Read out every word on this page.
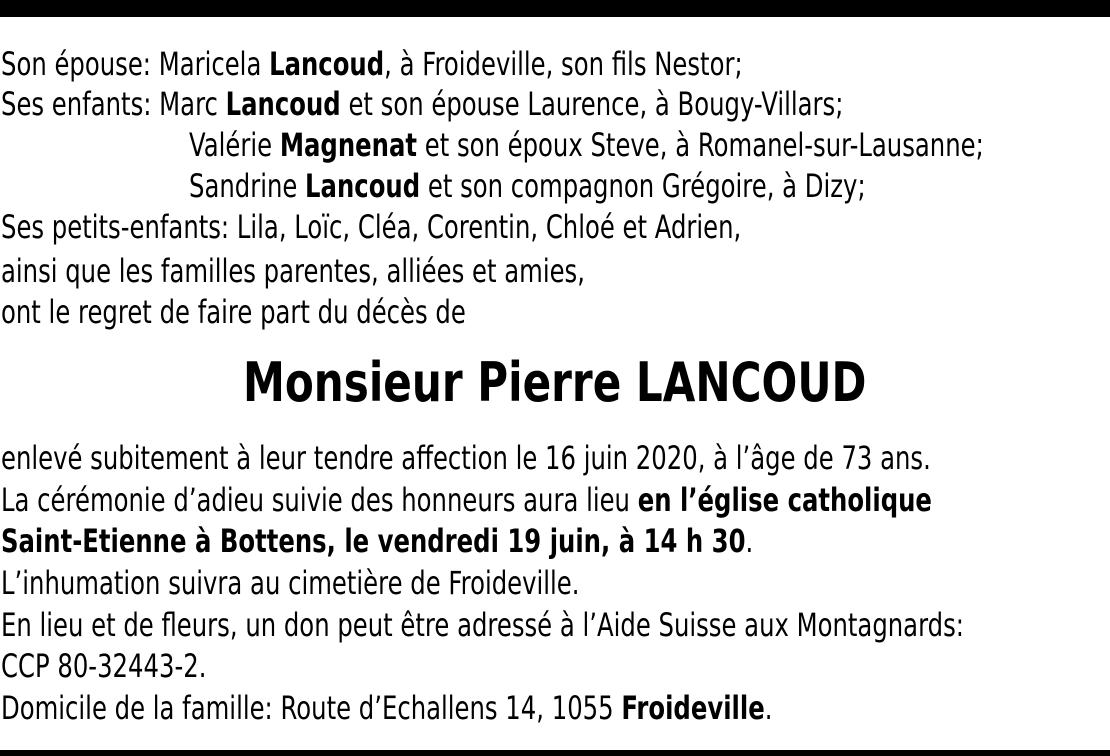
Son épouse: Maricela Lancoud, à Froideville, son fils Nestor;
Ses enfants: Marc Lancoud et son épouse Laurence, à Bougy-Villars;
Valérie Magnenat et son époux Steve, à Romanel-sur-Lausanne;
Sandrine Lancoud et son compagnon Grégoire, à Dizy;
Ses petits-enfants: Lila, Loïc, Cléa, Corentin, Chloé et Adrien,
ainsi que les familles parentes, alliées et amies,
ont le regret de faire part du décès de
Monsieur Pierre LANCOUD
enlevé subitement à leur tendre affection le 16 juin 2020, à l’âge de 73 ans.
La cérémonie d’adieu suivie des honneurs aura lieu en l’église catholique
Saint-Etienne à Bottens, le vendredi 19 juin, à 14 h 30.
L’inhumation suivra au cimetière de Froideville.
En lieu et de fleurs, un don peut être adressé à l’Aide Suisse aux Montagnards:
CCP 80-32443-2.
Domicile de la famille: Route d’Echallens 14, 1055 Froideville.
